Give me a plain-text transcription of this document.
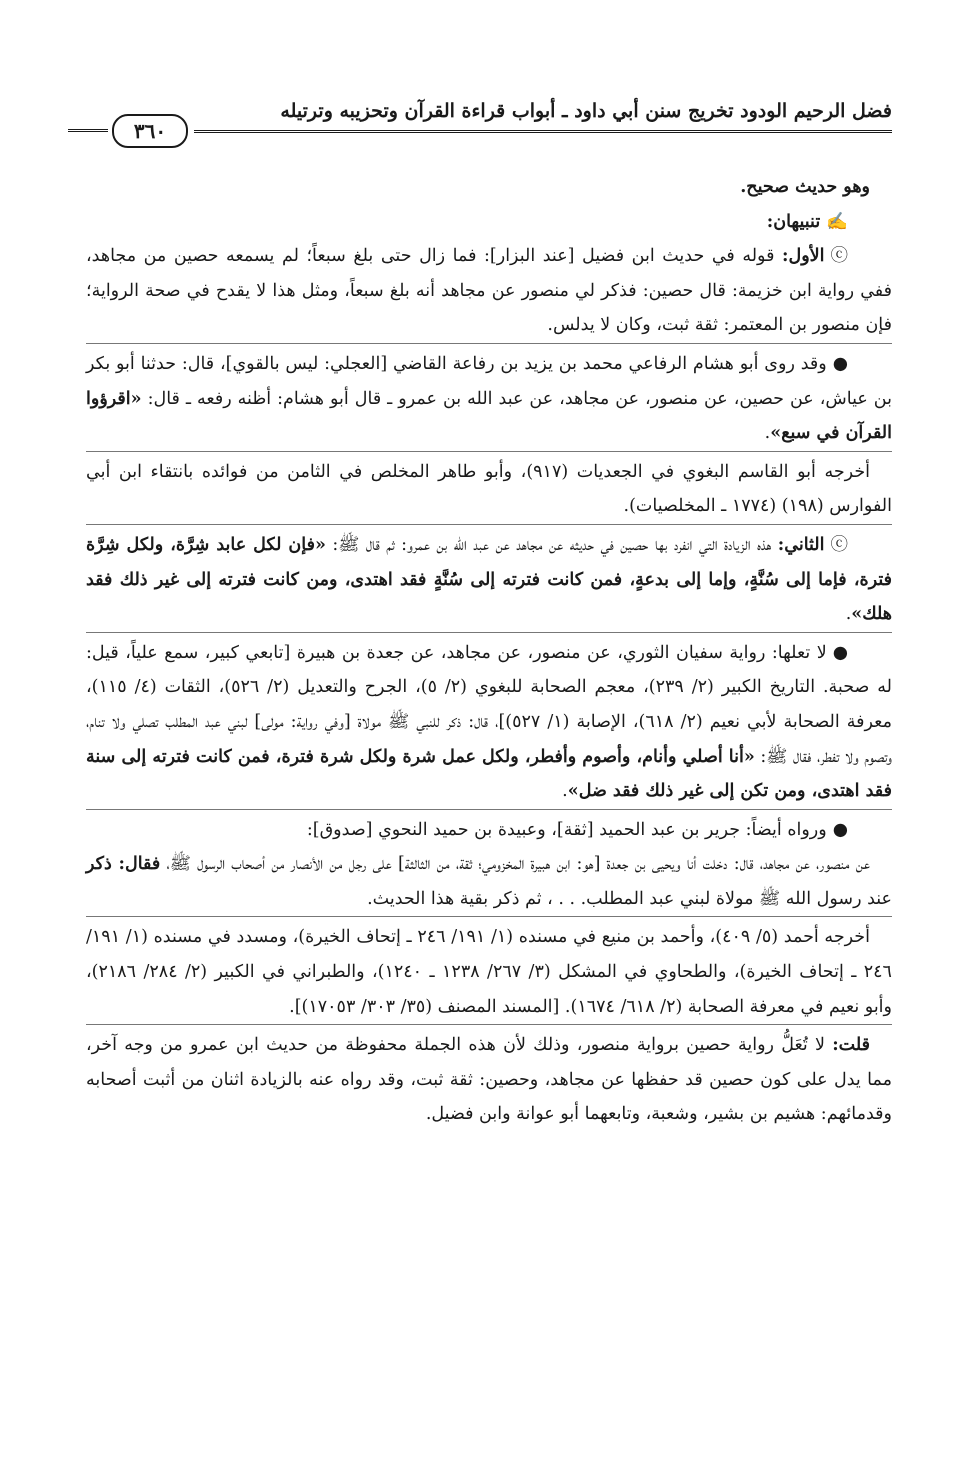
فضل الرحيم الودود تخريج سنن أبي داود ـ أبواب قراءة القرآن وتحزيبه وترتيله
٣٦٠

وهو حديث صحيح.

✍تنبيهان:

ⓒالأول: قوله في حديث ابن فضيل [عند البزار]: فما زال حتى بلغ سبعاً؛ لم يسمعه حصين من مجاهد، ففي رواية ابن خزيمة: قال حصين: فذكر لي منصور عن مجاهد أنه بلغ سبعاً، ومثل هذا لا يقدح في صحة الرواية؛ فإن منصور بن المعتمر: ثقة ثبت، وكان لا يدلس.

●وقد روى أبو هشام الرفاعي محمد بن يزيد بن رفاعة القاضي [العجلي: ليس بالقوي]، قال: حدثنا أبو بكر بن عياش، عن حصين، عن منصور، عن مجاهد، عن عبد الله بن عمرو ـ قال أبو هشام: أظنه رفعه ـ قال: «اقرؤوا القرآن في سبع».

أخرجه أبو القاسم البغوي في الجعديات (٩١٧)، وأبو طاهر المخلص في الثامن من فوائده بانتقاء ابن أبي الفوارس (١٩٨) (١٧٧٤ ـ المخلصيات).

ⓒالثاني: هذه الزيادة التي انفرد بها حصين في حديثه عن مجاهد عن عبد الله بن عمرو: ثم قال ﷺ: «فإن لكل عابد شِرَّة، ولكل شِرَّة فترة، فإما إلى سُنَّةٍ، وإما إلى بدعةٍ، فمن كانت فترته إلى سُنَّةٍ فقد اهتدى، ومن كانت فترته إلى غير ذلك فقد هلك».

●لا تعلها: رواية سفيان الثوري، عن منصور، عن مجاهد، عن جعدة بن هبيرة [تابعي كبير، سمع علياً، قيل: له صحبة. التاريخ الكبير (٢/ ٢٣٩)، معجم الصحابة للبغوي (٢/ ٥)، الجرح والتعديل (٢/ ٥٢٦)، الثقات (٤/ ١١٥)، معرفة الصحابة لأبي نعيم (٢/ ٦١٨)، الإصابة (١/ ٥٢٧)]، قال: ذكر للنبي ﷺ مولاة [وفي رواية: مولى] لبني عبد المطلب تصلي ولا تنام، وتصوم ولا تفطر، فقال ﷺ: «أنا أصلي وأنام، وأصوم وأفطر، ولكل عمل شرة ولكل شرة فترة، فمن كانت فترته إلى سنة فقد اهتدى، ومن تكن إلى غير ذلك فقد ضل».

●ورواه أيضاً: جرير بن عبد الحميد [ثقة]، وعبيدة بن حميد النحوي [صدوق]:

عن منصور، عن مجاهد، قال: دخلت أنا ويحيى بن جعدة [هو: ابن هبيرة المخزومي؛ ثقة، من الثالثة] على رجل من الأنصار من أصحاب الرسول ﷺ، فقال: ذكر عند رسول الله ﷺ مولاة لبني عبد المطلب. . . ، ثم ذكر بقية هذا الحديث.

أخرجه أحمد (٥/ ٤٠٩)، وأحمد بن منيع في مسنده (١/ ١٩١/ ٢٤٦ ـ إتحاف الخيرة)، ومسدد في مسنده (١/ ١٩١/ ٢٤٦ ـ إتحاف الخيرة)، والطحاوي في المشكل (٣/ ٢٦٧/ ١٢٣٨ ـ ١٢٤٠)، والطبراني في الكبير (٢/ ٢٨٤/ ٢١٨٦)، وأبو نعيم في معرفة الصحابة (٢/ ٦١٨/ ١٦٧٤). [المسند المصنف (٣٥/ ٣٠٣/ ١٧٠٥٣)].

قلت: لا تُعَلُّ رواية حصين برواية منصور، وذلك لأن هذه الجملة محفوظة من حديث ابن عمرو من وجه آخر، مما يدل على كون حصين قد حفظها عن مجاهد، وحصين: ثقة ثبت، وقد رواه عنه بالزيادة اثنان من أثبت أصحابه وقدمائهم: هشيم بن بشير، وشعبة، وتابعهما أبو عوانة وابن فضيل.
